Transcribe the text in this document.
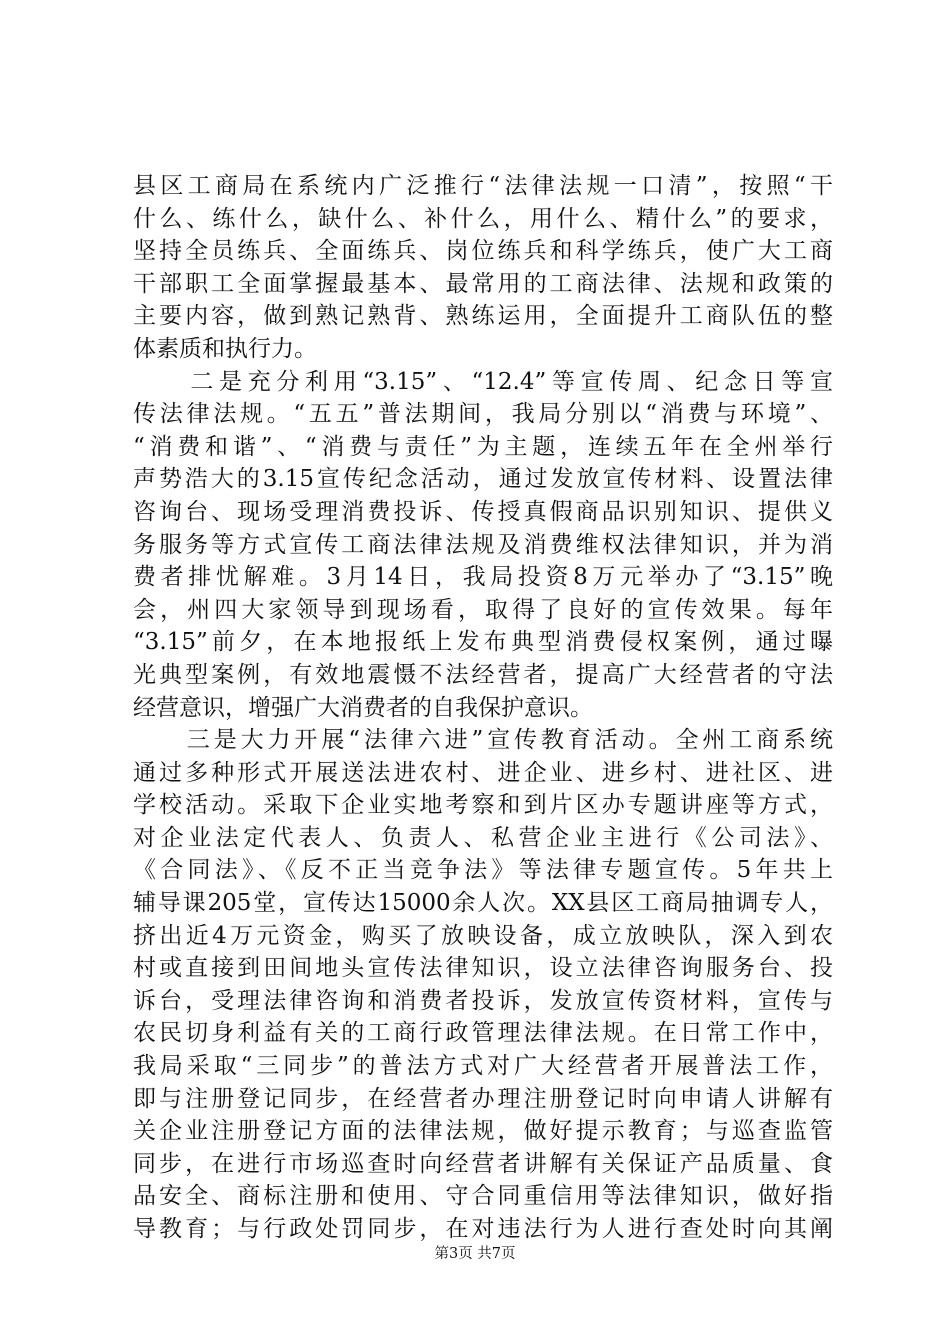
县区工商局在系统内广泛推行“法律法规一口清”，按照“干
什么、练什么，缺什么、补什么，用什么、精什么”的要求，
坚持全员练兵、全面练兵、岗位练兵和科学练兵，使广大工商
干部职工全面掌握最基本、最常用的工商法律、法规和政策的
主要内容，做到熟记熟背、熟练运用，全面提升工商队伍的整
体素质和执行力。
　　二是充分利用“3.15”、“12.4”等宣传周、纪念日等宣
传法律法规。“五五”普法期间，我局分别以“消费与环境”、
“消费和谐”、“消费与责任”为主题，连续五年在全州举行
声势浩大的3.15宣传纪念活动，通过发放宣传材料、设置法律
咨询台、现场受理消费投诉、传授真假商品识别知识、提供义
务服务等方式宣传工商法律法规及消费维权法律知识，并为消
费者排忧解难。3月14日，我局投资8万元举办了“3.15”晚
会，州四大家领导到现场看，取得了良好的宣传效果。每年
“3.15”前夕，在本地报纸上发布典型消费侵权案例，通过曝
光典型案例，有效地震慑不法经营者，提高广大经营者的守法
经营意识，增强广大消费者的自我保护意识。
　　三是大力开展“法律六进”宣传教育活动。全州工商系统
通过多种形式开展送法进农村、进企业、进乡村、进社区、进
学校活动。采取下企业实地考察和到片区办专题讲座等方式，
对企业法定代表人、负责人、私营企业主进行《公司法》、
《合同法》、《反不正当竞争法》等法律专题宣传。5年共上
辅导课205堂，宣传达15000余人次。XX县区工商局抽调专人，
挤出近4万元资金，购买了放映设备，成立放映队，深入到农
村或直接到田间地头宣传法律知识，设立法律咨询服务台、投
诉台，受理法律咨询和消费者投诉，发放宣传资材料，宣传与
农民切身利益有关的工商行政管理法律法规。在日常工作中，
我局采取“三同步”的普法方式对广大经营者开展普法工作，
即与注册登记同步，在经营者办理注册登记时向申请人讲解有
关企业注册登记方面的法律法规，做好提示教育；与巡查监管
同步，在进行市场巡查时向经营者讲解有关保证产品质量、食
品安全、商标注册和使用、守合同重信用等法律知识，做好指
导教育；与行政处罚同步，在对违法行为人进行查处时向其阐
第3页 共7页
